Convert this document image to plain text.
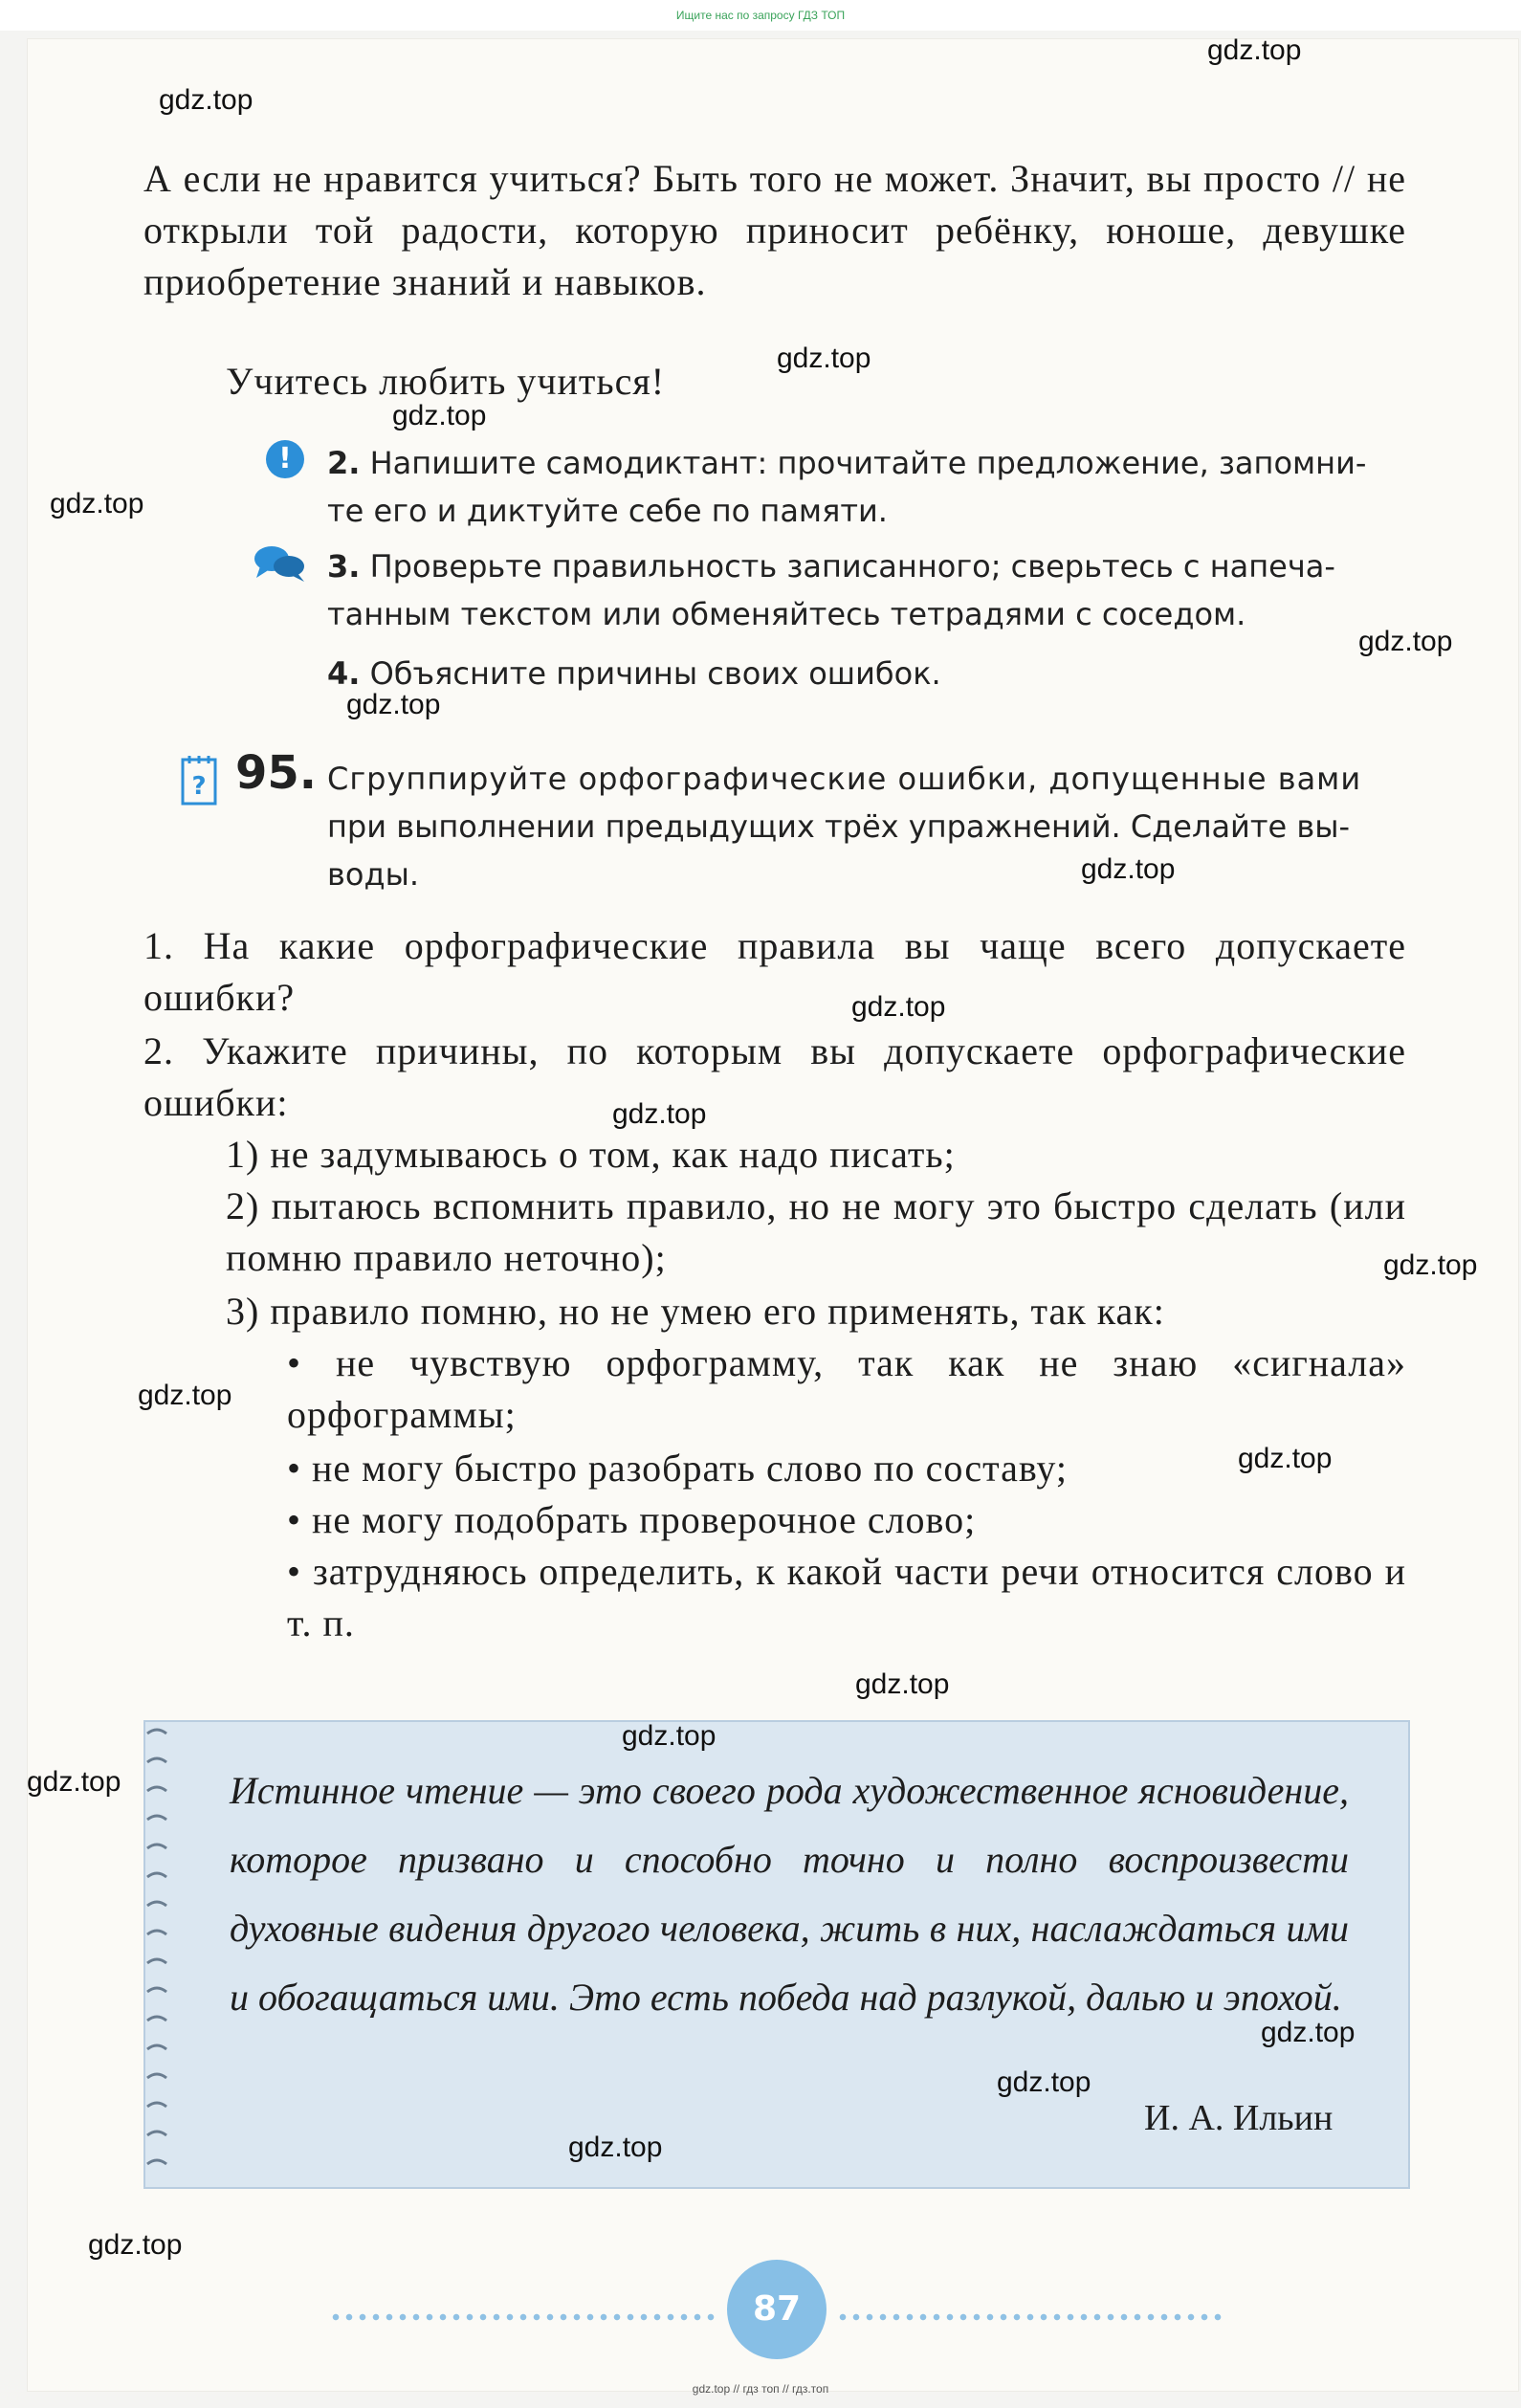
Ищите нас по запросу ГДЗ ТОП

А если не нравится учиться? Быть того не может. Значит, вы просто // не открыли той радости, которую приносит ребёнку, юноше, девушке приобретение знаний и навыков.

Учитесь любить учиться!

!	2. Напишите самодиктант: прочитайте предложение, запомни-

те его и диктуйте себе по памяти.

3. Проверьте правильность записанного; сверьтесь с напеча-

танным текстом или обменяйтесь тетрадями с соседом.

4. Объясните причины своих ошибок.

? 95. Сгруппируйте орфографические ошибки, допущенные вами

при выполнении предыдущих трёх упражнений. Сделайте вы-

воды.

1. На какие орфографические правила вы чаще всего допускаете ошибки?

2. Укажите причины, по которым вы допускаете орфографические ошибки:

1) не задумываюсь о том, как надо писать;

2) пытаюсь вспомнить правило, но не могу это быстро сделать (или помню правило неточно);

3) правило помню, но не умею его применять, так как:

• не чувствую орфограмму, так как не знаю «сигнала» орфограммы;

• не могу быстро разобрать слово по составу;

• не могу подобрать проверочное слово;

• затрудняюсь определить, к какой части речи относится слово и т. п.

Истинное чтение — это своего рода художественное ясновидение, которое призвано и способно точно и полно воспроизвести духовные видения другого человека, жить в них, наслаждаться ими и обогащаться ими. Это есть победа над разлукой, далью и эпохой.

И. А. Ильин
87
gdz.top
gdz.top
gdz.top
gdz.top
gdz.top
gdz.top
gdz.top
gdz.top
gdz.top
gdz.top
gdz.top
gdz.top
gdz.top
gdz.top
gdz.top
gdz.top
gdz.top
gdz.top
gdz.top
gdz.top
gdz.top // гдз топ // гдз.топ
